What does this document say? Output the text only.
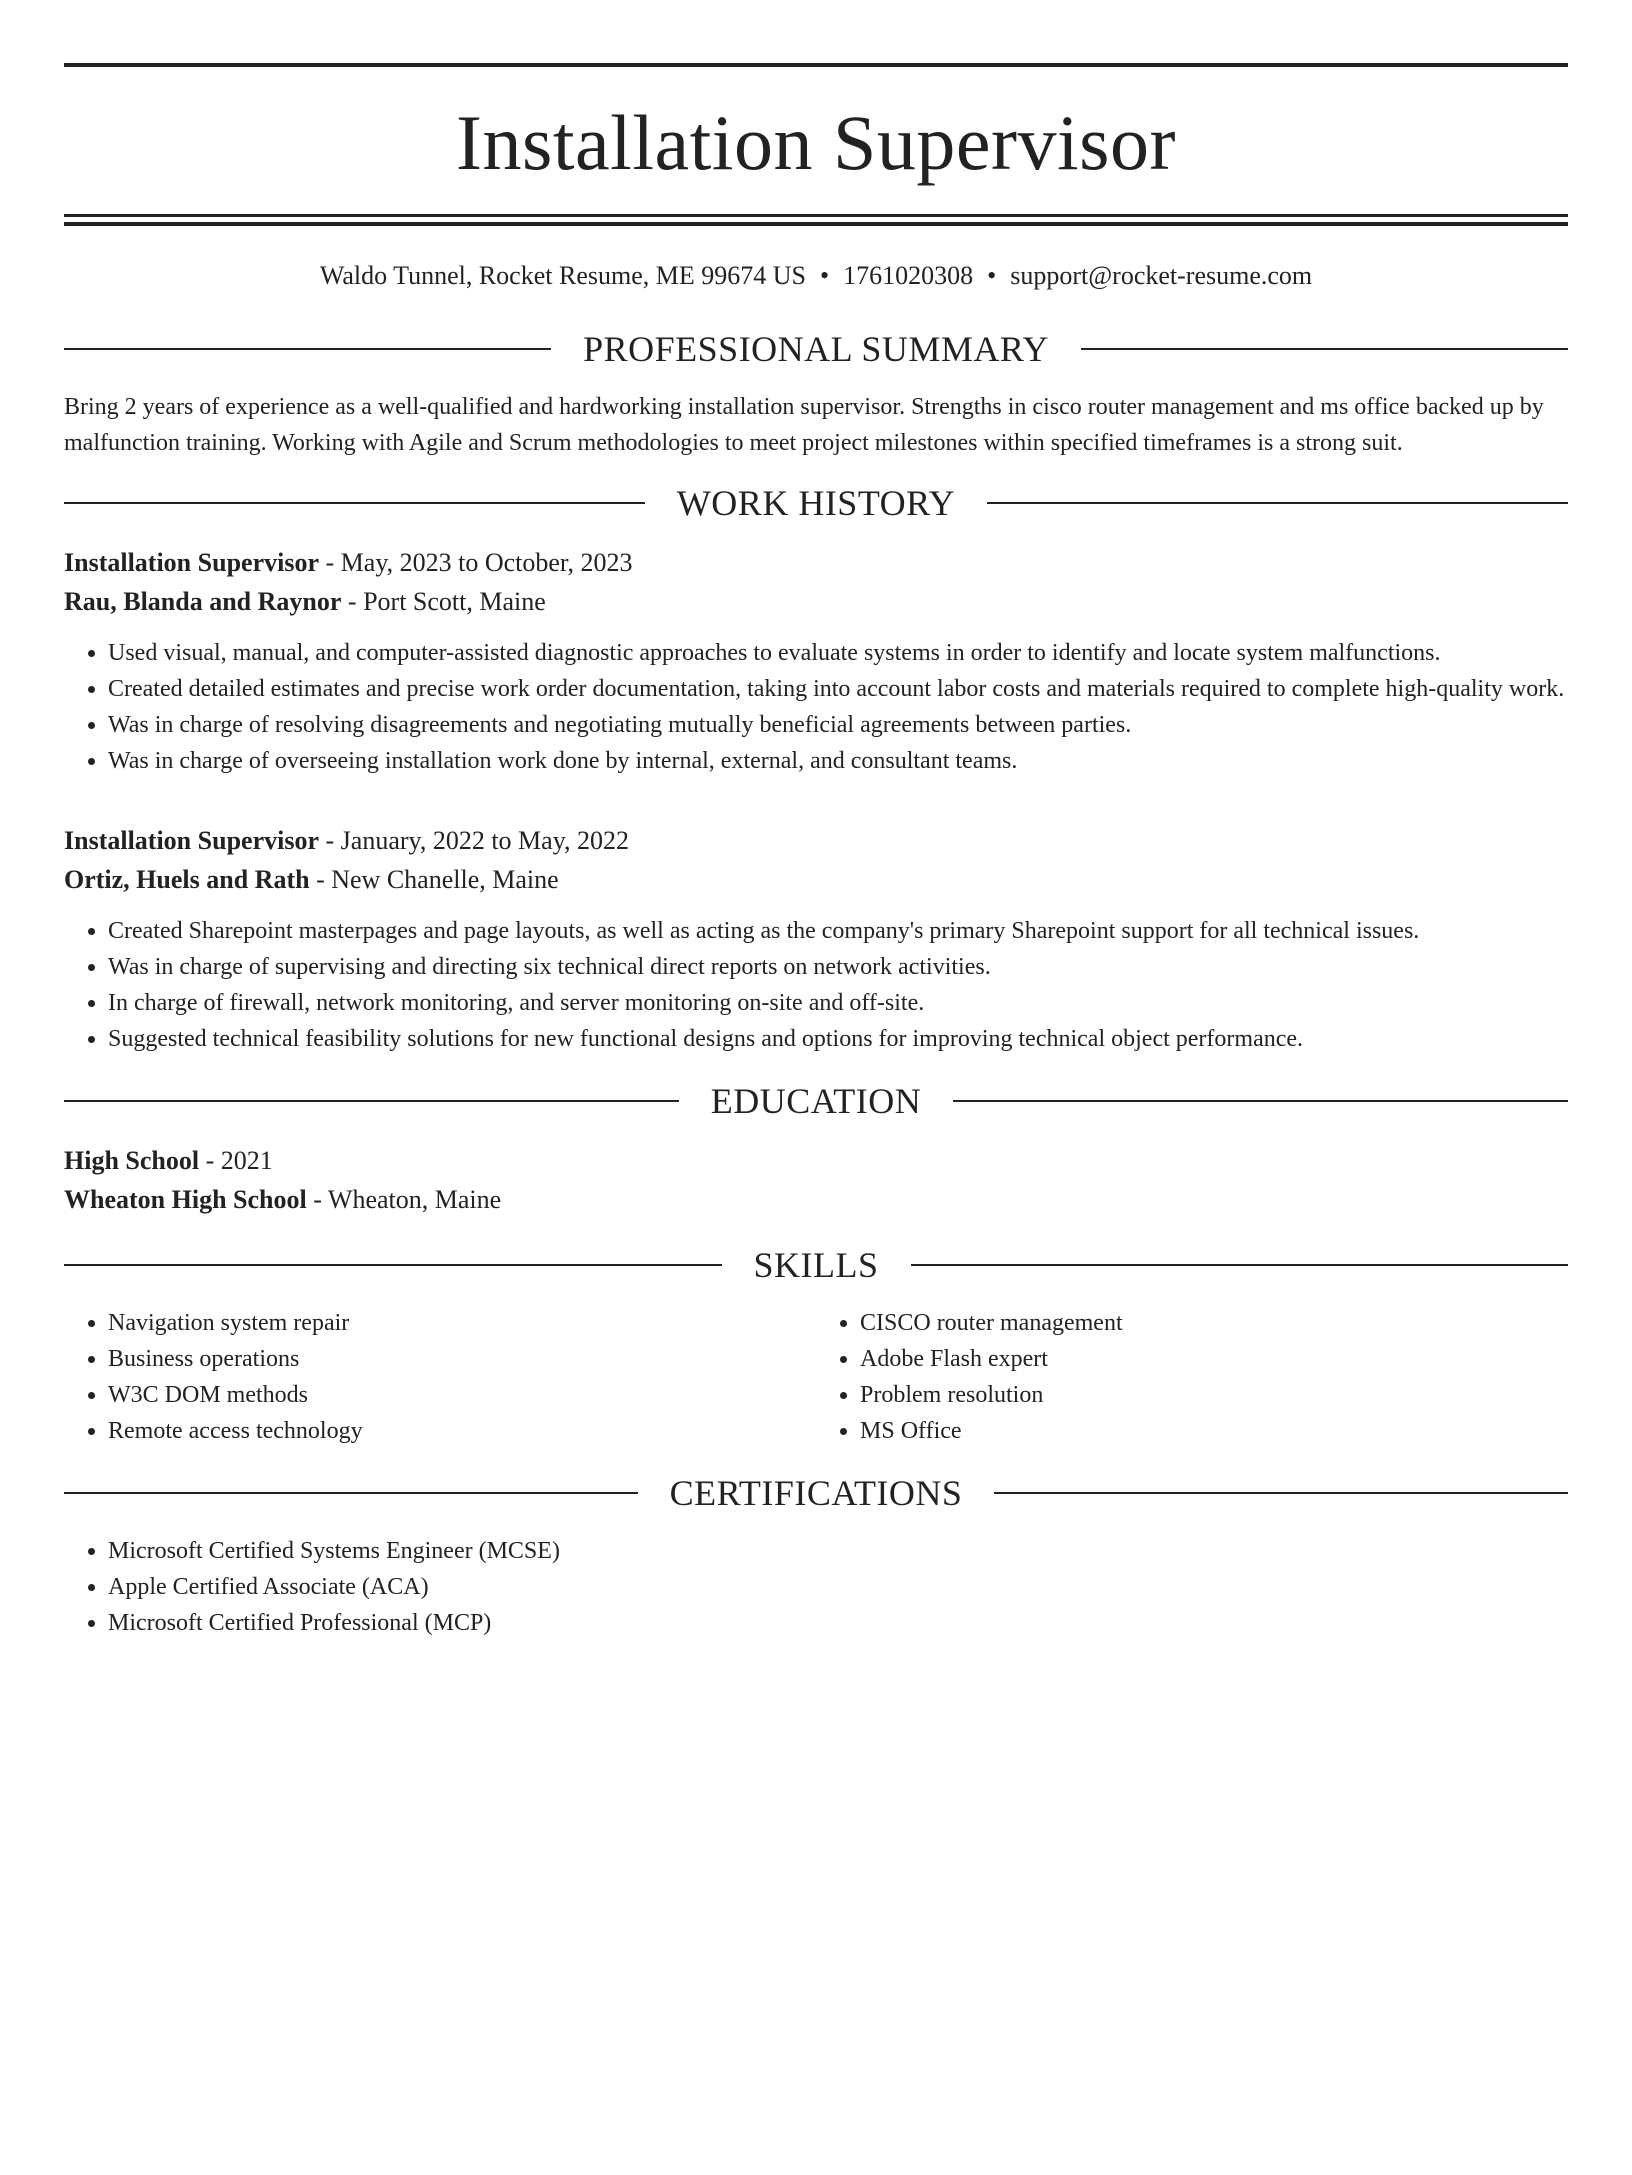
Installation Supervisor
Waldo Tunnel, Rocket Resume, ME 99674 US • 1761020308 • support@rocket-resume.com
PROFESSIONAL SUMMARY

Bring 2 years of experience as a well-qualified and hardworking installation supervisor. Strengths in cisco router management and ms office backed up by malfunction training. Working with Agile and Scrum methodologies to meet project milestones within specified timeframes is a strong suit.

WORK HISTORY
Installation Supervisor - May, 2023 to October, 2023
Rau, Blanda and Raynor - Port Scott, Maine
• Used visual, manual, and computer-assisted diagnostic approaches to evaluate systems in order to identify and locate system malfunctions.
• Created detailed estimates and precise work order documentation, taking into account labor costs and materials required to complete high-quality work.
• Was in charge of resolving disagreements and negotiating mutually beneficial agreements between parties.
• Was in charge of overseeing installation work done by internal, external, and consultant teams.
Installation Supervisor - January, 2022 to May, 2022
Ortiz, Huels and Rath - New Chanelle, Maine
• Created Sharepoint masterpages and page layouts, as well as acting as the company's primary Sharepoint support for all technical issues.
• Was in charge of supervising and directing six technical direct reports on network activities.
• In charge of firewall, network monitoring, and server monitoring on-site and off-site.
• Suggested technical feasibility solutions for new functional designs and options for improving technical object performance.
EDUCATION
High School - 2021
Wheaton High School - Wheaton, Maine
SKILLS
• Navigation system repair
• Business operations
• W3C DOM methods
• Remote access technology
• CISCO router management
• Adobe Flash expert
• Problem resolution
• MS Office
CERTIFICATIONS
• Microsoft Certified Systems Engineer (MCSE)
• Apple Certified Associate (ACA)
• Microsoft Certified Professional (MCP)
